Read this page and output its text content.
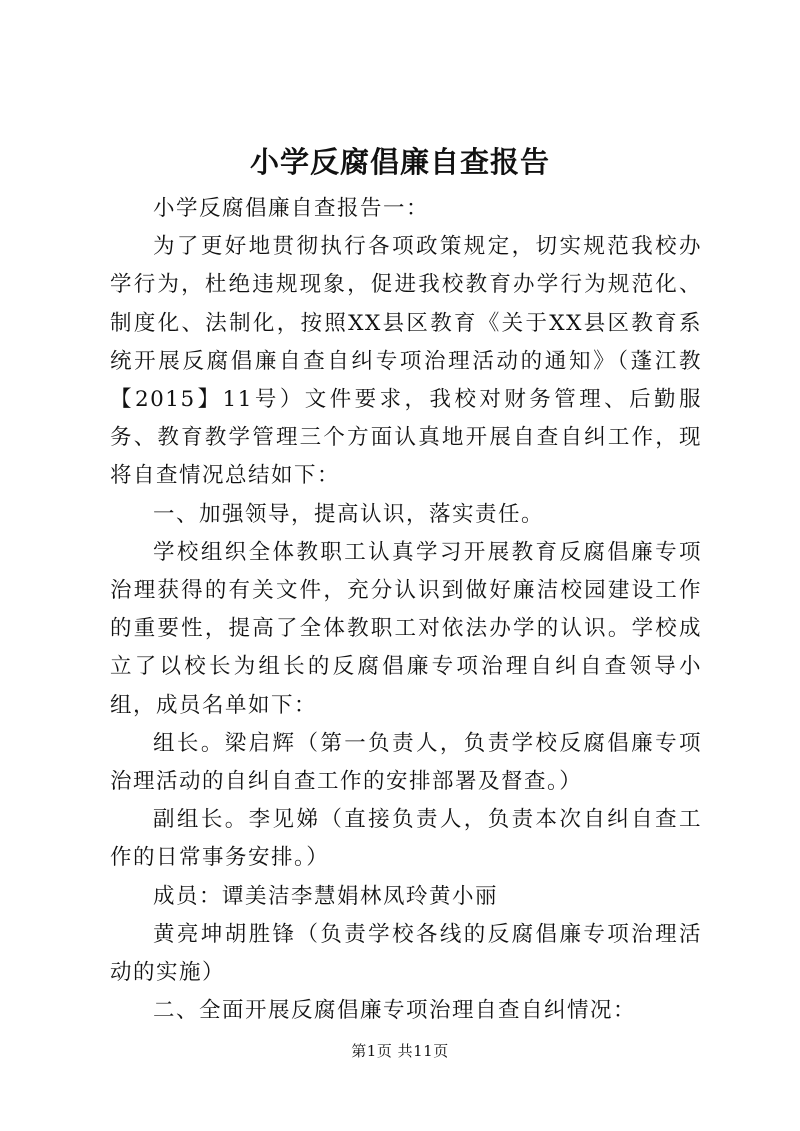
小学反腐倡廉自查报告

小学反腐倡廉自查报告一：

为了更好地贯彻执行各项政策规定，切实规范我校办学行为，杜绝违规现象，促进我校教育办学行为规范化、制度化、法制化，按照XX县区教育《关于XX县区教育系统开展反腐倡廉自查自纠专项治理活动的通知》（蓬江教【2015】11号）文件要求，我校对财务管理、后勤服务、教育教学管理三个方面认真地开展自查自纠工作，现将自查情况总结如下：

一、加强领导，提高认识，落实责任。

学校组织全体教职工认真学习开展教育反腐倡廉专项治理获得的有关文件，充分认识到做好廉洁校园建设工作的重要性，提高了全体教职工对依法办学的认识。学校成立了以校长为组长的反腐倡廉专项治理自纠自查领导小组，成员名单如下：

组长。梁启辉（第一负责人，负责学校反腐倡廉专项治理活动的自纠自查工作的安排部署及督查。）

副组长。李见娣（直接负责人，负责本次自纠自查工作的日常事务安排。）

成员：谭美洁李慧娟林凤玲黄小丽

黄亮坤胡胜锋（负责学校各线的反腐倡廉专项治理活动的实施）

二、全面开展反腐倡廉专项治理自查自纠情况：

第1页 共11页
